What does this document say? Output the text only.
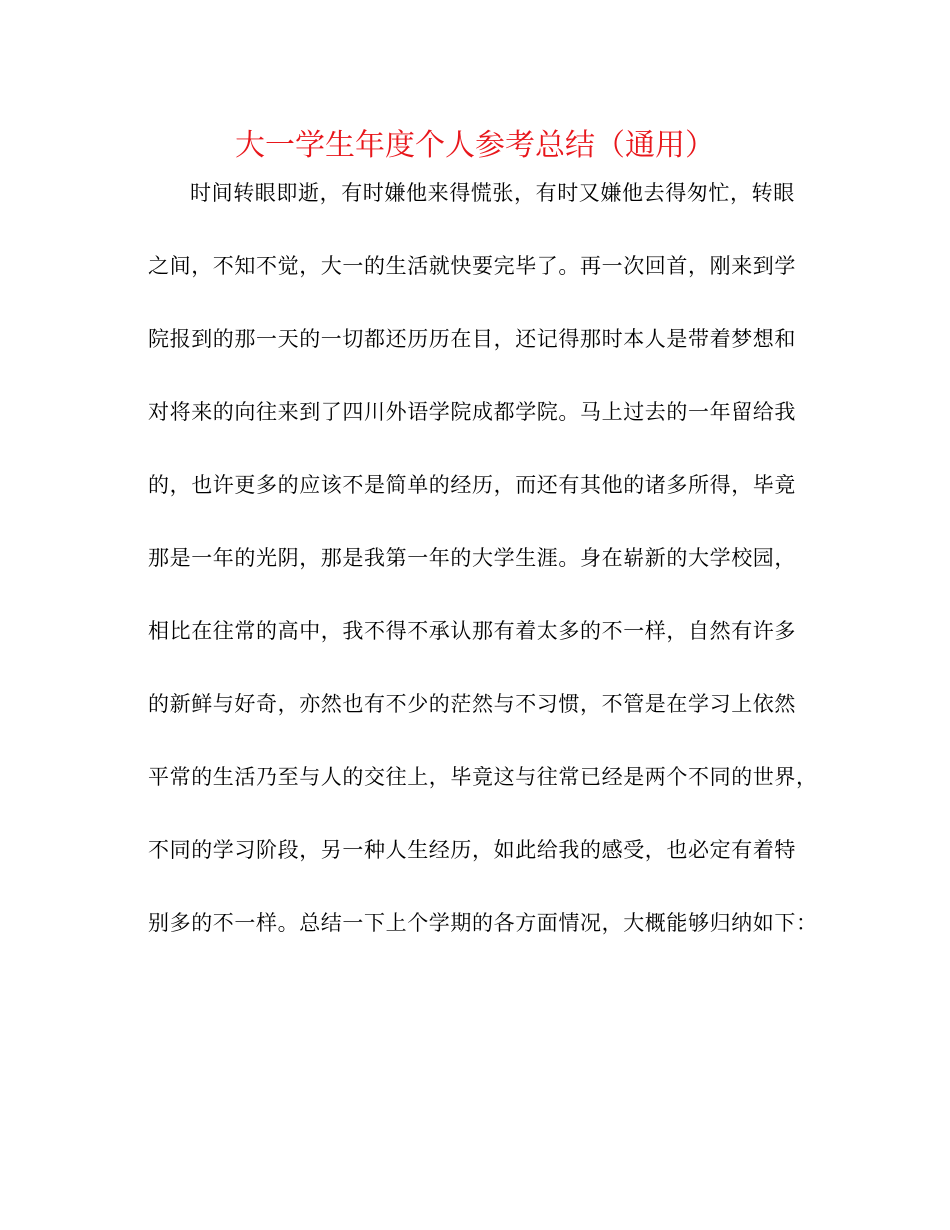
大一学生年度个人参考总结（通用）
时间转眼即逝，有时嫌他来得慌张，有时又嫌他去得匆忙，转眼
之间，不知不觉，大一的生活就快要完毕了。再一次回首，刚来到学
院报到的那一天的一切都还历历在目，还记得那时本人是带着梦想和
对将来的向往来到了四川外语学院成都学院。马上过去的一年留给我
的，也许更多的应该不是简单的经历，而还有其他的诸多所得，毕竟
那是一年的光阴，那是我第一年的大学生涯。身在崭新的大学校园，
相比在往常的高中，我不得不承认那有着太多的不一样，自然有许多
的新鲜与好奇，亦然也有不少的茫然与不习惯，不管是在学习上依然
平常的生活乃至与人的交往上，毕竟这与往常已经是两个不同的世界，
不同的学习阶段，另一种人生经历，如此给我的感受，也必定有着特
别多的不一样。总结一下上个学期的各方面情况，大概能够归纳如下：
